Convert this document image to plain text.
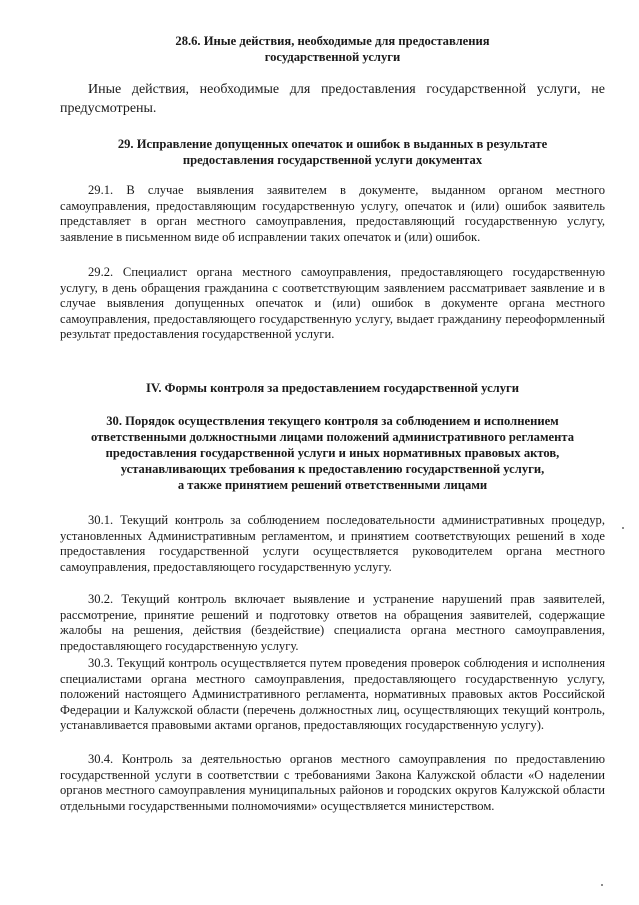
28.6. Иные действия, необходимые для предоставления
государственной услуги

Иные действия, необходимые для предоставления государственной услуги, не предусмотрены.

29. Исправление допущенных опечаток и ошибок в выданных в результате
предоставления государственной услуги документах

29.1. В случае выявления заявителем в документе, выданном органом местного самоуправления, предоставляющим государственную услугу, опечаток и (или) ошибок заявитель представляет в орган местного самоуправления, предоставляющий государственную услугу, заявление в письменном виде об исправлении таких опечаток и (или) ошибок.

29.2. Специалист органа местного самоуправления, предоставляющего государственную услугу, в день обращения гражданина с соответствующим заявлением рассматривает заявление и в случае выявления допущенных опечаток и (или) ошибок в документе органа местного самоуправления, предоставляющего государственную услугу, выдает гражданину переоформленный результат предоставления государственной услуги.

IV. Формы контроля за предоставлением государственной услуги
30. Порядок осуществления текущего контроля за соблюдением и исполнением
ответственными должностными лицами положений административного регламента
предоставления государственной услуги и иных нормативных правовых актов,
устанавливающих требования к предоставлению государственной услуги,
а также принятием решений ответственными лицами

30.1. Текущий контроль за соблюдением последовательности административных процедур, установленных Административным регламентом, и принятием соответствующих решений в ходе предоставления государственной услуги осуществляется руководителем органа местного самоуправления, предоставляющего государственную услугу.

30.2. Текущий контроль включает выявление и устранение нарушений прав заявителей, рассмотрение, принятие решений и подготовку ответов на обращения заявителей, содержащие жалобы на решения, действия (бездействие) специалиста органа местного самоуправления, предоставляющего государственную услугу.

30.3. Текущий контроль осуществляется путем проведения проверок соблюдения и исполнения специалистами органа местного самоуправления, предоставляющего государственную услугу, положений настоящего Административного регламента, нормативных правовых актов Российской Федерации и Калужской области (перечень должностных лиц, осуществляющих текущий контроль, устанавливается правовыми актами органов, предоставляющих государственную услугу).

30.4. Контроль за деятельностью органов местного самоуправления по предоставлению государственной услуги в соответствии с требованиями Закона Калужской области «О наделении органов местного самоуправления муниципальных районов и городских округов Калужской области отдельными государственными полномочиями» осуществляется министерством.
